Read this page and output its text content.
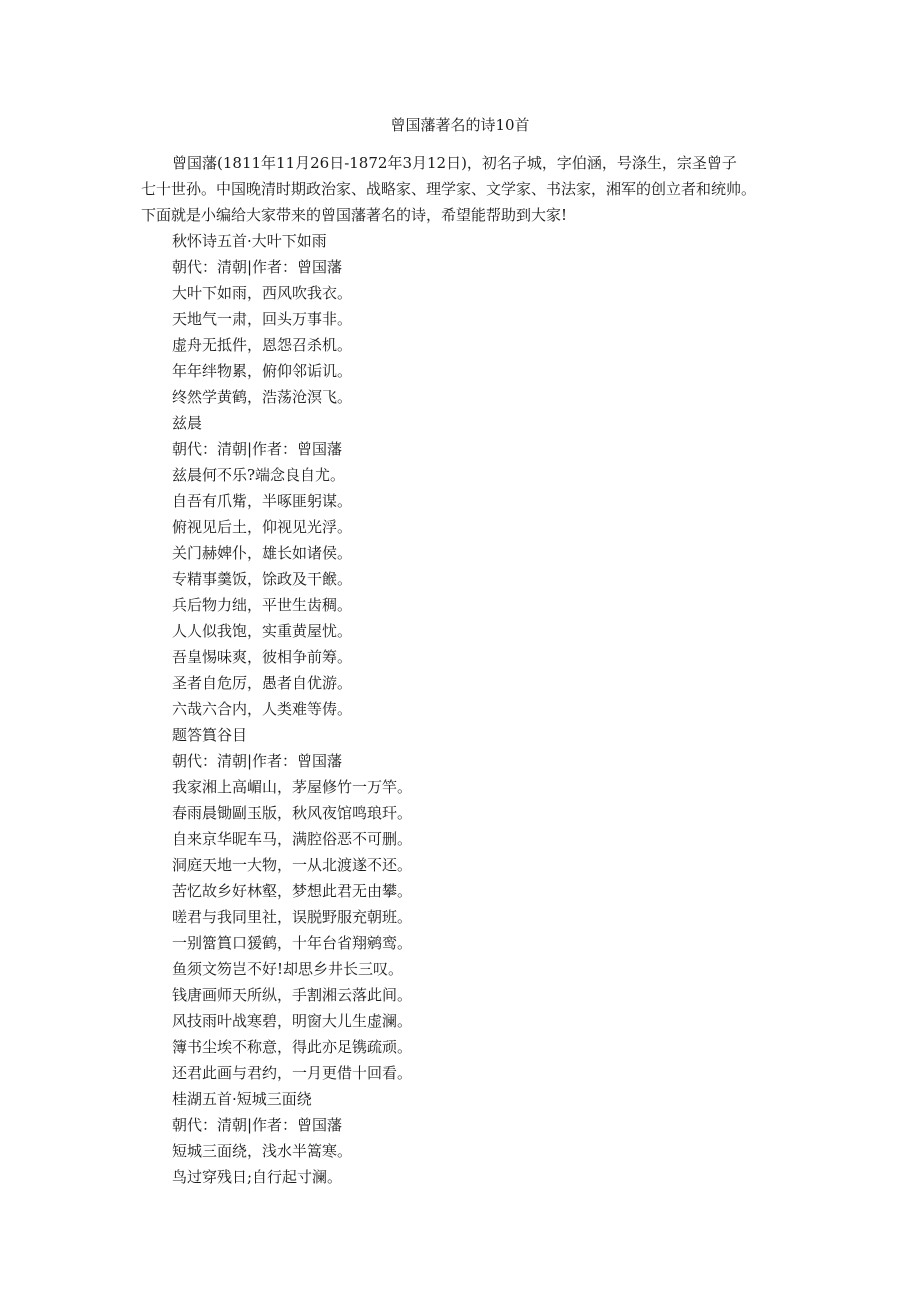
曾国藩著名的诗10首

曾国藩(1811年11月26日-1872年3月12日)，初名子城，字伯涵，号涤生，宗圣曾子
七十世孙。中国晚清时期政治家、战略家、理学家、文学家、书法家，湘军的创立者和统帅。
下面就是小编给大家带来的曾国藩著名的诗，希望能帮助到大家!

秋怀诗五首·大叶下如雨
朝代：清朝|作者：曾国藩
大叶下如雨，西风吹我衣。
天地气一肃，回头万事非。
虚舟无抵件，恩怨召杀机。
年年绊物累，俯仰邻诟讥。
终然学黄鹤，浩荡沧溟飞。
兹晨
朝代：清朝|作者：曾国藩
兹晨何不乐?端念良自尤。
自吾有爪觜，半啄匪躬谋。
俯视见后土，仰视见光浮。
关门赫婢仆，雄长如诸侯。
专精事羹饭，馀政及干餱。
兵后物力绌，平世生齿稠。
人人似我饱，实重黄屋忧。
吾皇惕味爽，彼相争前筹。
圣者自危厉，愚者自优游。
六哉六合内，人类难等俦。
题答篔谷目
朝代：清朝|作者：曾国藩
我家湘上高嵋山，茅屋修竹一万竿。
春雨晨锄剾玉版，秋风夜馆鸣琅玕。
自来京华昵车马，满腔俗恶不可删。
洞庭天地一大物，一从北渡遂不还。
苦忆故乡好林壑，梦想此君无由攀。
嗟君与我同里社，误脱野服充朝班。
一别簹篔口猨鹤，十年台省翔鹓鸾。
鱼须文笏岂不好!却思乡井长三叹。
钱唐画师天所纵，手割湘云落此间。
风技雨叶战寒碧，明窗大儿生虚澜。
簿书尘埃不称意，得此亦足镌疏顽。
还君此画与君约，一月更借十回看。
桂湖五首·短城三面绕
朝代：清朝|作者：曾国藩
短城三面绕，浅水半篙寒。
鸟过穿残日;自行起寸澜。
